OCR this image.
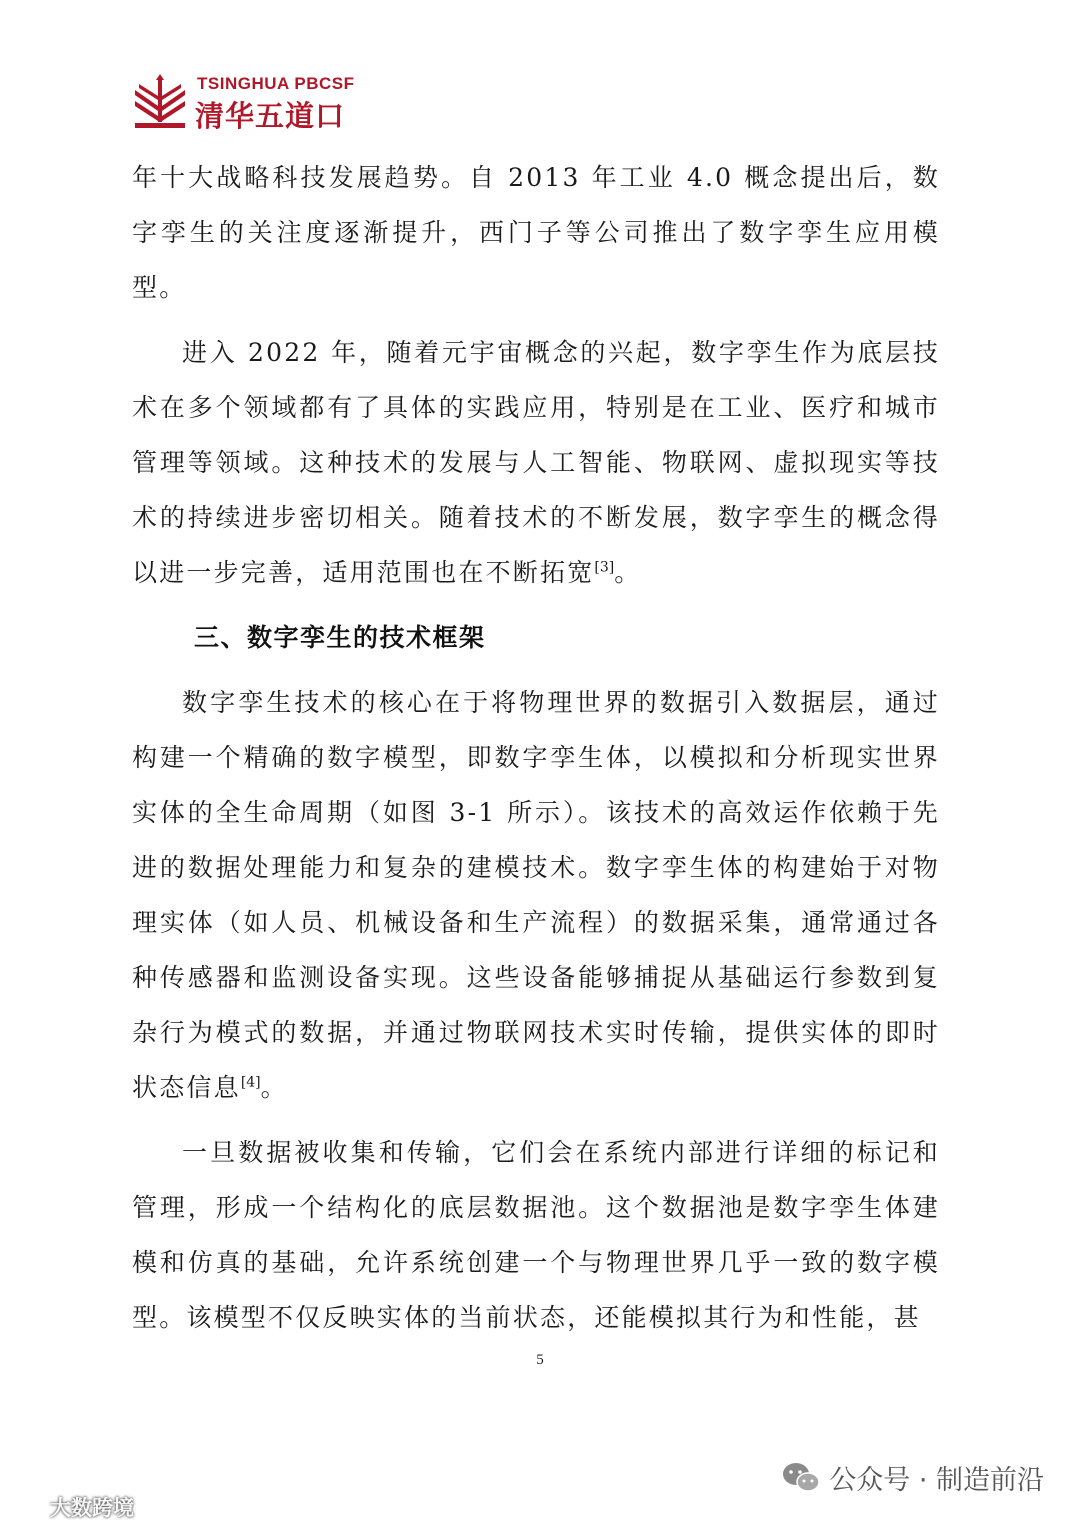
TSINGHUA PBCSF
清华五道口

年十大战略科技发展趋势。自 2013 年工业 4.0 概念提出后，数字孪生的关注度逐渐提升，西门子等公司推出了数字孪生应用模型。

进入 2022 年，随着元宇宙概念的兴起，数字孪生作为底层技术在多个领域都有了具体的实践应用，特别是在工业、医疗和城市管理等领域。这种技术的发展与人工智能、物联网、虚拟现实等技术的持续进步密切相关。随着技术的不断发展，数字孪生的概念得以进一步完善，适用范围也在不断拓宽[3]。

三、数字孪生的技术框架

数字孪生技术的核心在于将物理世界的数据引入数据层，通过构建一个精确的数字模型，即数字孪生体，以模拟和分析现实世界实体的全生命周期（如图 3-1 所示）。该技术的高效运作依赖于先进的数据处理能力和复杂的建模技术。数字孪生体的构建始于对物理实体（如人员、机械设备和生产流程）的数据采集，通常通过各种传感器和监测设备实现。这些设备能够捕捉从基础运行参数到复杂行为模式的数据，并通过物联网技术实时传输，提供实体的即时状态信息[4]。

一旦数据被收集和传输，它们会在系统内部进行详细的标记和管理，形成一个结构化的底层数据池。这个数据池是数字孪生体建模和仿真的基础，允许系统创建一个与物理世界几乎一致的数字模型。该模型不仅反映实体的当前状态，还能模拟其行为和性能，甚

5
公众号 · 制造前沿
大数跨境
